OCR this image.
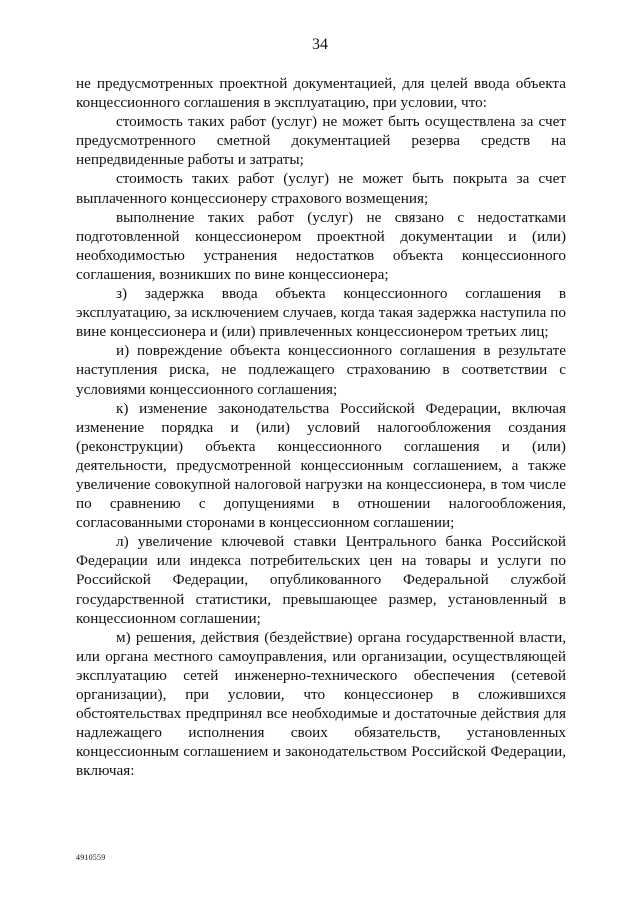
34

не предусмотренных проектной документацией, для целей ввода объекта концессионного соглашения в эксплуатацию, при условии, что:

стоимость таких работ (услуг) не может быть осуществлена за счет предусмотренного сметной документацией резерва средств на непредвиденные работы и затраты;

стоимость таких работ (услуг) не может быть покрыта за счет выплаченного концессионеру страхового возмещения;

выполнение таких работ (услуг) не связано с недостатками подготовленной концессионером проектной документации и (или) необходимостью устранения недостатков объекта концессионного соглашения, возникших по вине концессионера;

з) задержка ввода объекта концессионного соглашения в эксплуатацию, за исключением случаев, когда такая задержка наступила по вине концессионера и (или) привлеченных концессионером третьих лиц;

и) повреждение объекта концессионного соглашения в результате наступления риска, не подлежащего страхованию в соответствии с условиями концессионного соглашения;

к) изменение законодательства Российской Федерации, включая изменение порядка и (или) условий налогообложения создания (реконструкции) объекта концессионного соглашения и (или) деятельности, предусмотренной концессионным соглашением, а также увеличение совокупной налоговой нагрузки на концессионера, в том числе по сравнению с допущениями в отношении налогообложения, согласованными сторонами в концессионном соглашении;

л) увеличение ключевой ставки Центрального банка Российской Федерации или индекса потребительских цен на товары и услуги по Российской Федерации, опубликованного Федеральной службой государственной статистики, превышающее размер, установленный в концессионном соглашении;

м) решения, действия (бездействие) органа государственной власти, или органа местного самоуправления, или организации, осуществляющей эксплуатацию сетей инженерно-технического обеспечения (сетевой организации), при условии, что концессионер в сложившихся обстоятельствах предпринял все необходимые и достаточные действия для надлежащего исполнения своих обязательств, установленных концессионным соглашением и законодательством Российской Федерации, включая:

4910559
